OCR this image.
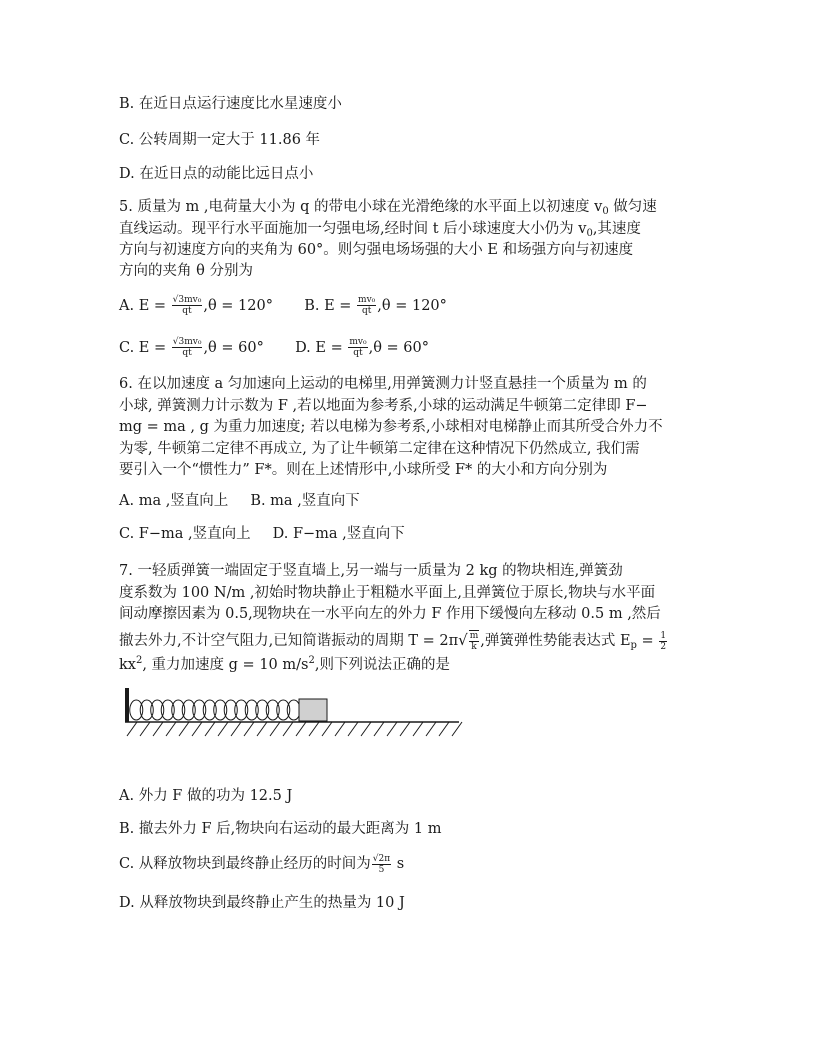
B. 在近日点运行速度比水星速度小
C. 公转周期一定大于 11.86 年
D. 在近日点的动能比远日点小
5. 质量为 m ,电荷量大小为 q 的带电小球在光滑绝缘的水平面上以初速度 $v_0$ 做匀速
直线运动。现平行水平面施加一匀强电场,经时间 t 后小球速度大小仍为 $v_0$,其速度
方向与初速度方向的夹角为 60°。则匀强电场场强的大小 E 和场强方向与初速度
方向的夹角 θ 分别为
A. $E = \frac{\text{√3mv₀}}{qt} ,\theta = 120^\circ$ B. $E = \frac{\text{mv₀}}{qt} ,\theta = 120^\circ$
C. $E = \frac{\text{√3mv₀}}{qt} ,\theta = 60^\circ$ D. $E = \frac{\text{mv₀}}{qt} ,\theta = 60^\circ$
6. 在以加速度 a 匀加速向上运动的电梯里,用弹簧测力计竖直悬挂一个质量为 m 的
小球, 弹簧测力计示数为 F ,若以地面为参考系,小球的运动满足牛顿第二定律即 F−
mg = ma , g 为重力加速度; 若以电梯为参考系,小球相对电梯静止而其所受合外力不
为零, 牛顿第二定律不再成立, 为了让牛顿第二定律在这种情况下仍然成立, 我们需
要引入一个“惯性力” F*。则在上述情形中,小球所受 F* 的大小和方向分别为
A. ma ,竖直向上 B. ma ,竖直向下
C. F−ma ,竖直向上 D. F−ma ,竖直向下
7. 一轻质弹簧一端固定于竖直墙上,另一端与一质量为 2 kg 的物块相连,弹簧劲
度系数为 100 N/m ,初始时物块静止于粗糙水平面上,且弹簧位于原长,物块与水平面
间动摩擦因素为 0.5,现物块在一水平向左的外力 F 作用下缓慢向左移动 0.5 m ,然后
撤去外力,不计空气阻力,已知简谐振动的周期 $T = 2\pi√ \frac{m}{k}$ ,弹簧弹性势能表达式 $E_p = \frac{1}{2}$
$kx^2$, 重力加速度 g = 10 $m/s^2$,则下列说法正确的是
A. 外力 F 做的功为 12.5 J
B. 撤去外力 F 后,物块向右运动的最大距离为 1 m
C. 从释放物块到最终静止经历的时间为 $\frac{√2\pi}{5}$ s
D. 从释放物块到最终静止产生的热量为 10 J
